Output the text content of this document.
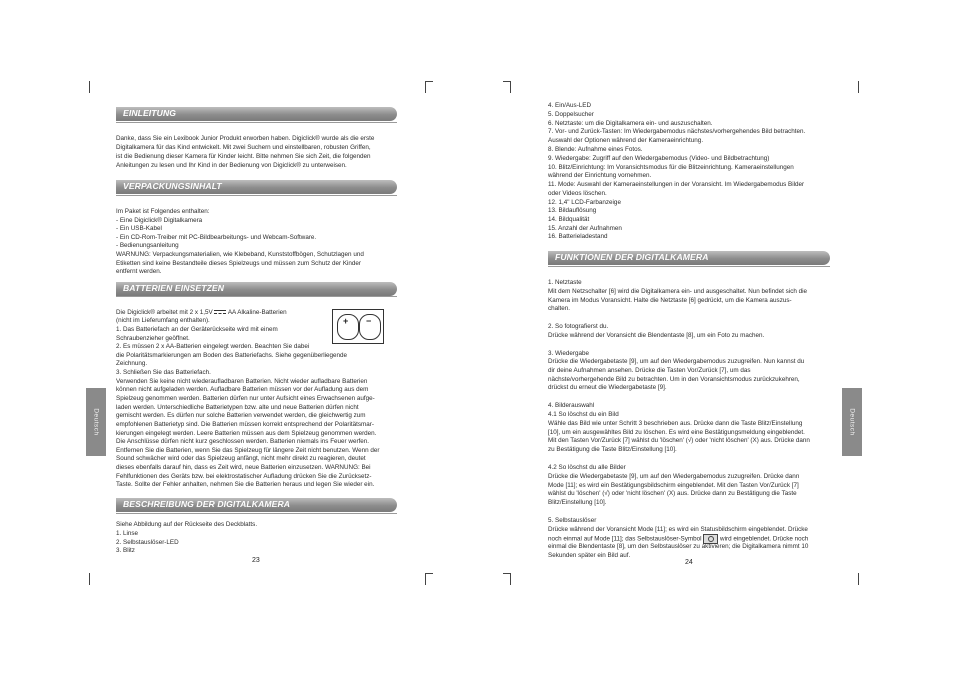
Deutsch	Deutsch
EINLEITUNG
Danke, dass Sie ein Lexibook Junior Produkt erworben haben. Digiclick® wurde als die erste
Digitalkamera für das Kind entwickelt. Mit zwei Suchern und einstellbaren, robusten Griffen,
ist die Bedienung dieser Kamera für Kinder leicht. Bitte nehmen Sie sich Zeit, die folgenden
Anleitungen zu lesen und Ihr Kind in der Bedienung von Digiclick® zu unterweisen.
VERPACKUNGSINHALT
Im Paket ist Folgendes enthalten:
- Eine Digiclick® Digitalkamera
- Ein USB-Kabel
- Ein CD-Rom-Treiber mit PC-Bildbearbeitungs- und Webcam-Software.
- Bedienungsanleitung
WARNUNG: Verpackungsmaterialien, wie Klebeband, Kunststoffbögen, Schutzlagen und
Etiketten sind keine Bestandteile dieses Spielzeugs und müssen zum Schutz der Kinder
entfernt werden.
BATTERIEN EINSETZEN
Die Digiclick® arbeitet mit 2 x 1,5V AA Alkaline-Batterien
+ −
(nicht im Lieferumfang enthalten).
1. Das Batteriefach an der Geräterückseite wird mit einem
Schraubenzieher geöffnet.
2. Es müssen 2 x AA-Batterien eingelegt werden. Beachten Sie dabei
die Polaritätsmarkierungen am Boden des Batteriefachs. Siehe gegenüberliegende
Zeichnung.
3. Schließen Sie das Batteriefach.
Verwenden Sie keine nicht wiederaufladbaren Batterien. Nicht wieder aufladbare Batterien
können nicht aufgeladen werden. Aufladbare Batterien müssen vor der Aufladung aus dem
Spielzeug genommen werden. Batterien dürfen nur unter Aufsicht eines Erwachsenen aufge-
laden werden. Unterschiedliche Batterietypen bzw. alte und neue Batterien dürfen nicht
gemischt werden. Es dürfen nur solche Batterien verwendet werden, die gleichwertig zum
empfohlenen Batterietyp sind. Die Batterien müssen korrekt entsprechend der Polaritätsmar-
kierungen eingelegt werden. Leere Batterien müssen aus dem Spielzeug genommen werden.
Die Anschlüsse dürfen nicht kurz geschlossen werden. Batterien niemals ins Feuer werfen.
Entfernen Sie die Batterien, wenn Sie das Spielzeug für längere Zeit nicht benutzen. Wenn der
Sound schwächer wird oder das Spielzeug anfängt, nicht mehr direkt zu reagieren, deutet
dieses ebenfalls darauf hin, dass es Zeit wird, neue Batterien einzusetzen. WARNUNG: Bei
Fehlfunktionen des Geräts bzw. bei elektrostatischer Aufladung drücken Sie die Zurücksetz-
Taste. Sollte der Fehler anhalten, nehmen Sie die Batterien heraus und legen Sie wieder ein.
BESCHREIBUNG DER DIGITALKAMERA
Siehe Abbildung auf der Rückseite des Deckblatts.
1. Linse
2. Selbstauslöser-LED
3. Blitz
23
4. Ein/Aus-LED
5. Doppelsucher
6. Netztaste: um die Digitalkamera ein- und auszuschalten.
7. Vor- und Zurück-Tasten: Im Wiedergabemodus nächstes/vorhergehendes Bild betrachten.
Auswahl der Optionen während der Kameraeinrichtung.
8. Blende: Aufnahme eines Fotos.
9. Wiedergabe: Zugriff auf den Wiedergabemodus (Video- und Bildbetrachtung)
10. Blitz/Einrichtung: Im Voransichtsmodus für die Blitzeinrichtung. Kameraeinstellungen
während der Einrichtung vornehmen.
11. Mode: Auswahl der Kameraeinstellungen in der Voransicht. Im Wiedergabemodus Bilder
oder Videos löschen.
12. 1,4" LCD-Farbanzeige
13. Bildauflösung
14. Bildqualität
15. Anzahl der Aufnahmen
16. Batterieladestand
FUNKTIONEN DER DIGITALKAMERA
1. Netztaste
Mit dem Netzschalter [6] wird die Digitalkamera ein- und ausgeschaltet. Nun befindet sich die
Kamera im Modus Voransicht. Halte die Netztaste [6] gedrückt, um die Kamera auszus-
chalten.
2. So fotografierst du.
Drücke während der Voransicht die Blendentaste [8], um ein Foto zu machen.
3. Wiedergabe
Drücke die Wiedergabetaste [9], um auf den Wiedergabemodus zuzugreifen. Nun kannst du
dir deine Aufnahmen ansehen. Drücke die Tasten Vor/Zurück [7], um das
nächste/vorhergehende Bild zu betrachten. Um in den Voransichtsmodus zurückzukehren,
drückst du erneut die Wiedergabetaste [9].
4. Bilderauswahl
4.1 So löschst du ein Bild
Wähle das Bild wie unter Schritt 3 beschrieben aus. Drücke dann die Taste Blitz/Einstellung
[10], um ein ausgewähltes Bild zu löschen. Es wird eine Bestätigungsmeldung eingeblendet.
Mit den Tasten Vor/Zurück [7] wählst du 'löschen' (√) oder 'nicht löschen' (X) aus. Drücke dann
zu Bestätigung die Taste Blitz/Einstellung [10].
4.2 So löschst du alle Bilder
Drücke die Wiedergabetaste [9], um auf den Wiedergabemodus zuzugreifen. Drücke dann
Mode [11]; es wird ein Bestätigungsbildschirm eingeblendet. Mit den Tasten Vor/Zurück [7]
wählst du 'löschen' (√) oder 'nicht löschen' (X) aus. Drücke dann zu Bestätigung die Taste
Blitz/Einstellung [10].
5. Selbstauslöser
Drücke während der Voransicht Mode [11]; es wird ein Statusbildschirm eingeblendet. Drücke
noch einmal auf Mode [11]; das Selbstauslöser-Symbol	wird eingeblendet. Drücke noch
einmal die Blendentaste [8], um den Selbstauslöser zu aktivieren; die Digitalkamera nimmt 10
Sekunden später ein Bild auf.
24
